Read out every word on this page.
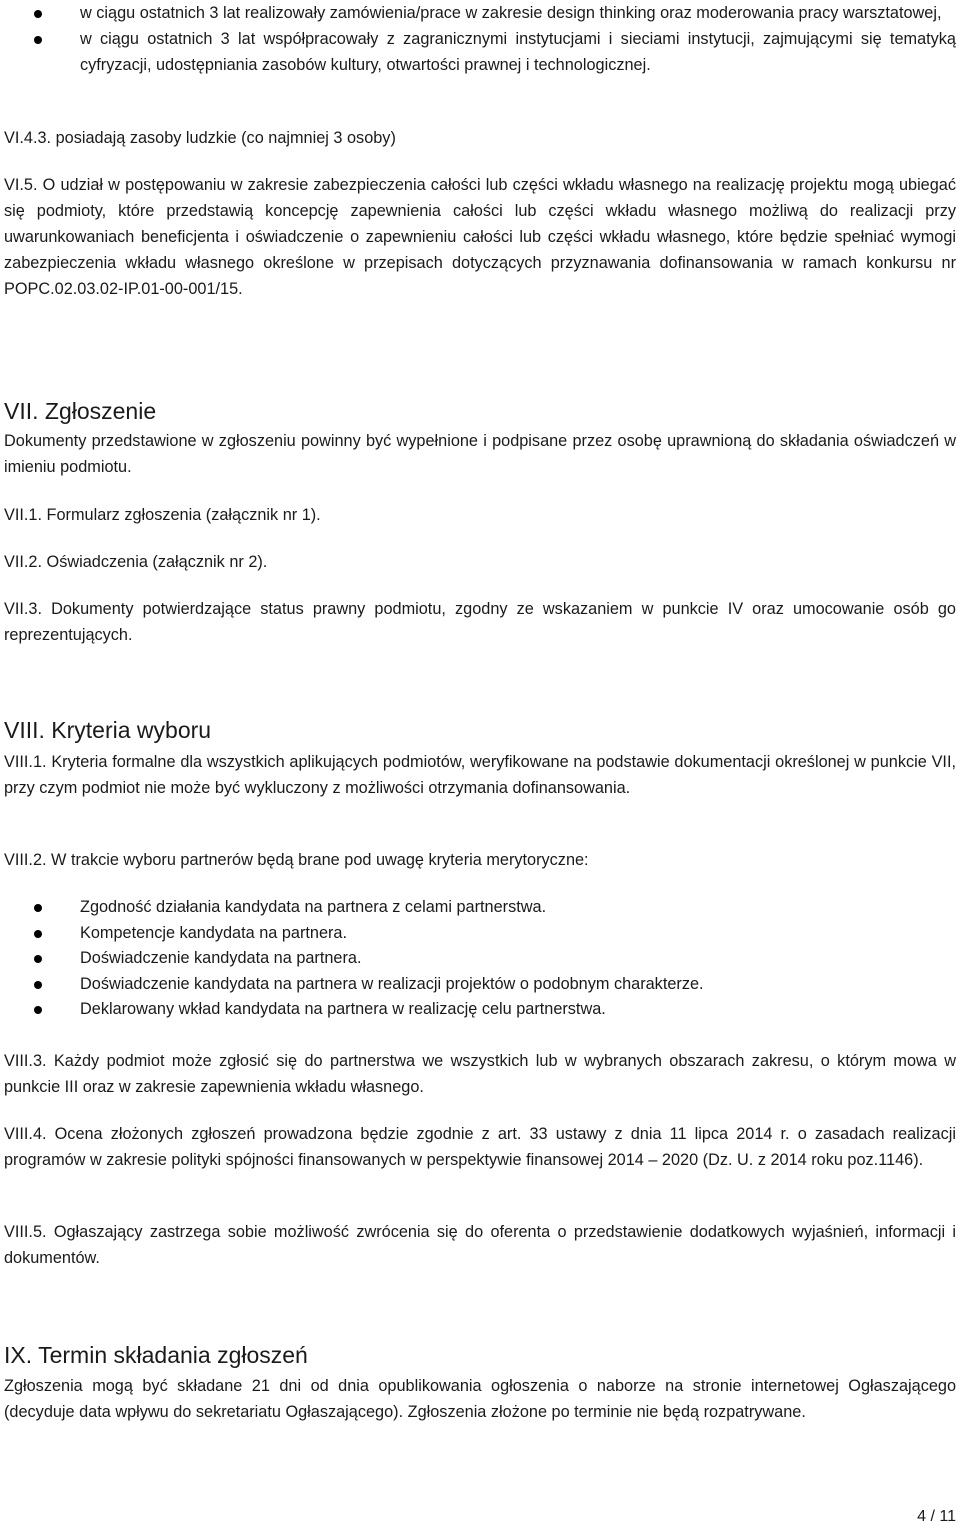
w ciągu ostatnich 3 lat realizowały zamówienia/prace w zakresie design thinking oraz moderowania pracy warsztatowej,
w ciągu ostatnich 3 lat współpracowały z zagranicznymi instytucjami i sieciami instytucji, zajmującymi się tematyką cyfryzacji, udostępniania zasobów kultury, otwartości prawnej i technologicznej.

VI.4.3. posiadają zasoby ludzkie (co najmniej 3 osoby)

VI.5. O udział w postępowaniu w zakresie zabezpieczenia całości lub części wkładu własnego na realizację projektu mogą ubiegać się podmioty, które przedstawią koncepcję zapewnienia całości lub części wkładu własnego możliwą do realizacji przy uwarunkowaniach beneficjenta i oświadczenie o zapewnieniu całości lub części wkładu własnego, które będzie spełniać wymogi zabezpieczenia wkładu własnego określone w przepisach dotyczących przyznawania dofinansowania w ramach konkursu nr POPC.02.03.02-IP.01-00-001/15.

VII. Zgłoszenie

Dokumenty przedstawione w zgłoszeniu powinny być wypełnione i podpisane przez osobę uprawnioną do składania oświadczeń w imieniu podmiotu.

VII.1. Formularz zgłoszenia (załącznik nr 1).

VII.2. Oświadczenia (załącznik nr 2).

VII.3. Dokumenty potwierdzające status prawny podmiotu, zgodny ze wskazaniem w punkcie IV oraz umocowanie osób go reprezentujących.

VIII. Kryteria wyboru

VIII.1. Kryteria formalne dla wszystkich aplikujących podmiotów, weryfikowane na podstawie dokumentacji określonej w punkcie VII, przy czym podmiot nie może być wykluczony z możliwości otrzymania dofinansowania.

VIII.2. W trakcie wyboru partnerów będą brane pod uwagę kryteria merytoryczne:

Zgodność działania kandydata na partnera z celami partnerstwa.
Kompetencje kandydata na partnera.
Doświadczenie kandydata na partnera.
Doświadczenie kandydata na partnera w realizacji projektów o podobnym charakterze.
Deklarowany wkład kandydata na partnera w realizację celu partnerstwa.

VIII.3. Każdy podmiot może zgłosić się do partnerstwa we wszystkich lub w wybranych obszarach zakresu, o którym mowa w punkcie III oraz w zakresie zapewnienia wkładu własnego.

VIII.4. Ocena złożonych zgłoszeń prowadzona będzie zgodnie z art. 33 ustawy z dnia 11 lipca 2014 r. o zasadach realizacji programów w zakresie polityki spójności finansowanych w perspektywie finansowej 2014 – 2020 (Dz. U. z 2014 roku poz.1146).

VIII.5. Ogłaszający zastrzega sobie możliwość zwrócenia się do oferenta o przedstawienie dodatkowych wyjaśnień, informacji i dokumentów.

IX. Termin składania zgłoszeń

Zgłoszenia mogą być składane 21 dni od dnia opublikowania ogłoszenia o naborze na stronie internetowej Ogłaszającego (decyduje data wpływu do sekretariatu Ogłaszającego). Zgłoszenia złożone po terminie nie będą rozpatrywane.

4 / 11
